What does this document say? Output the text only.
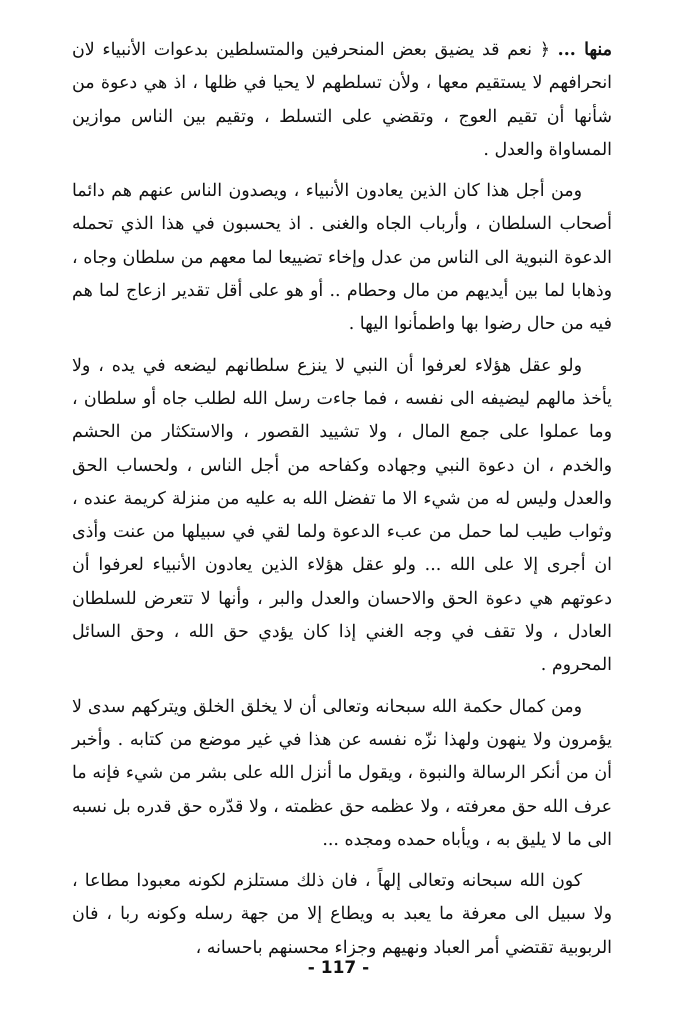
منها ... ﴿ نعم قد يضيق بعض المنحرفين والمتسلطين بدعوات الأنبياء لان انحرافهم لا يستقيم معها ، ولأن تسلطهم لا يحيا في ظلها ، اذ هي دعوة من شأنها أن تقيم العوج ، وتقضي على التسلط ، وتقيم بين الناس موازين المساواة والعدل .

ومن أجل هذا كان الذين يعادون الأنبياء ، ويصدون الناس عنهم هم دائما أصحاب السلطان ، وأرباب الجاه والغنى . اذ يحسبون في هذا الذي تحمله الدعوة النبوية الى الناس من عدل وإخاء تضييعا لما معهم من سلطان وجاه ، وذهابا لما بين أيديهم من مال وحطام .. أو هو على أقل تقدير ازعاج لما هم فيه من حال رضوا بها واطمأنوا اليها .

ولو عقل هؤلاء لعرفوا أن النبي لا ينزع سلطانهم ليضعه في يده ، ولا يأخذ مالهم ليضيفه الى نفسه ، فما جاءت رسل الله لطلب جاه أو سلطان ، وما عملوا على جمع المال ، ولا تشييد القصور ، والاستكثار من الحشم والخدم ، ان دعوة النبي وجهاده وكفاحه من أجل الناس ، ولحساب الحق والعدل وليس له من شيء الا ما تفضل الله به عليه من منزلة كريمة عنده ، وثواب طيب لما حمل من عبء الدعوة ولما لقي في سبيلها من عنت وأذى ان أجرى إلا على الله ... ولو عقل هؤلاء الذين يعادون الأنبياء لعرفوا أن دعوتهم هي دعوة الحق والاحسان والعدل والبر ، وأنها لا تتعرض للسلطان العادل ، ولا تقف في وجه الغني إذا كان يؤدي حق الله ، وحق السائل المحروم .

ومن كمال حكمة الله سبحانه وتعالى أن لا يخلق الخلق ويتركهم سدى لا يؤمرون ولا ينهون ولهذا نزّه نفسه عن هذا في غير موضع من كتابه . وأخبر أن من أنكر الرسالة والنبوة ، ويقول ما أنزل الله على بشر من شيء فإنه ما عرف الله حق معرفته ، ولا عظمه حق عظمته ، ولا قدّره حق قدره بل نسبه الى ما لا يليق به ، ويأباه حمده ومجده ...

كون الله سبحانه وتعالى إلهاً ، فان ذلك مستلزم لكونه معبودا مطاعا ، ولا سبيل الى معرفة ما يعبد به ويطاع إلا من جهة رسله وكونه ربا ، فان الربوبية تقتضي أمر العباد ونهيهم وجزاء محسنهم باحسانه ،

- 117 -
